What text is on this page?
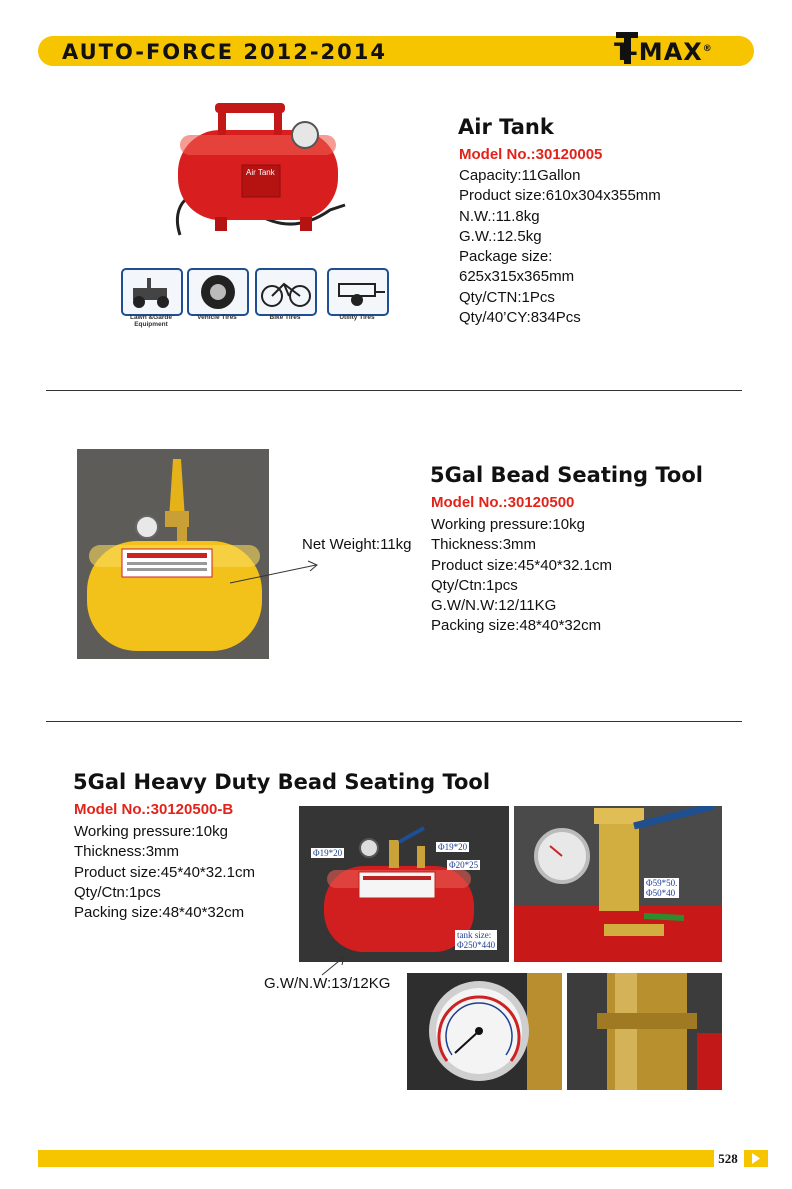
AUTO-FORCE 2012-2014	T-MAX®
Air Tank
Lawn &Garde Equipment
Vehicle Tires	Bike Tires	Utility Tires
Air Tank
Model No.:30120005
Capacity:11Gallon
Product size:610x304x355mm
N.W.:11.8kg
G.W.:12.5kg
Package size:
625x315x365mm
Qty/CTN:1Pcs
Qty/40’CY:834Pcs
Net Weight:11kg
5Gal Bead Seating Tool
Model No.:30120500
Working pressure:10kg
Thickness:3mm
Product size:45*40*32.1cm
Qty/Ctn:1pcs
G.W/N.W:12/11KG
Packing size:48*40*32cm
5Gal Heavy Duty Bead Seating Tool
Model No.:30120500-B
Working pressure:10kg
Thickness:3mm
Product size:45*40*32.1cm
Qty/Ctn:1pcs
Packing size:48*40*32cm
Φ19*20
Φ19*20
Φ20*25
tank size:
Φ250*440
Φ59*50.
Φ50*40
G.W/N.W:13/12KG
528
